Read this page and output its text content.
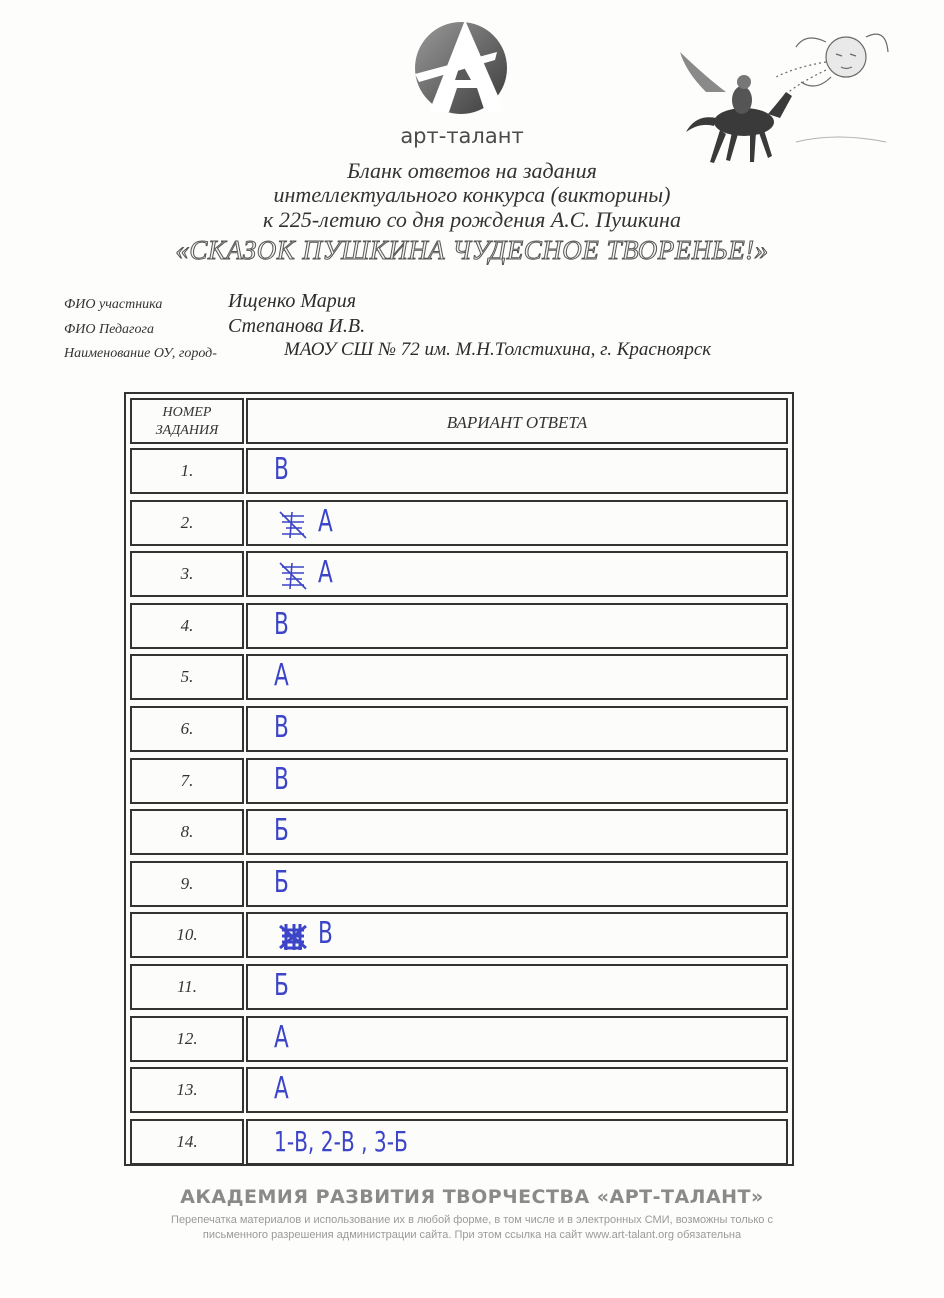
арт-талант
Бланк ответов на задания
интеллектуального конкурса (викторины)
к 225-летию со дня рождения А.С. Пушкина
«СКАЗОК ПУШКИНА ЧУДЕСНОЕ ТВОРЕНЬЕ!»
ФИО участника	Ищенко Мария
ФИО Педагога	Степанова И.В.
Наименование ОУ, город-	МАОУ СШ № 72 им. М.Н.Толстихина, г. Красноярск
НОМЕР ЗАДАНИЯ	ВАРИАНТ ОТВЕТА
1.	В
2.	А
3.	А
4.	В
5.	А
6.	В
7.	В
8.	Б
9.	Б
10.	В
11.	Б
12.	А
13.	А
14.	1-В, 2-В , 3-Б
АКАДЕМИЯ РАЗВИТИЯ ТВОРЧЕСТВА «АРТ-ТАЛАНТ»
Перепечатка материалов и использование их в любой форме, в том числе и в электронных СМИ, возможны только с
письменного разрешения администрации сайта. При этом ссылка на сайт www.art-talant.org обязательна
